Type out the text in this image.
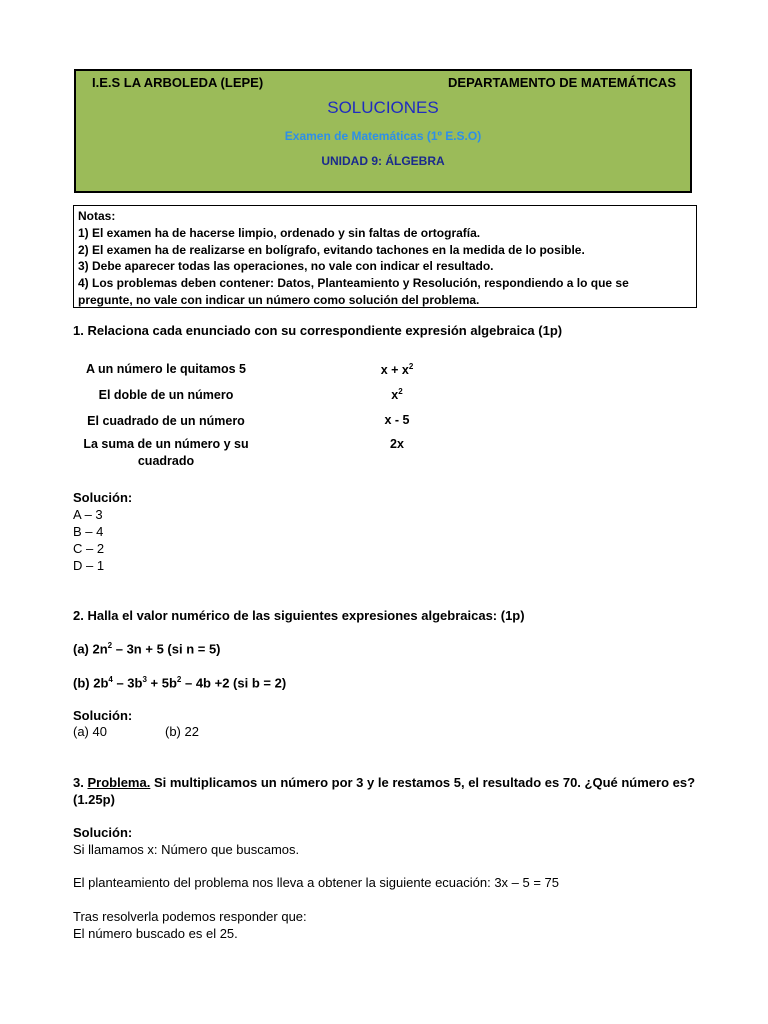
I.E.S LA ARBOLEDA (LEPE)	DEPARTAMENTO DE MATEMÁTICAS
SOLUCIONES
Examen de Matemáticas (1º E.S.O)
UNIDAD 9: ÁLGEBRA
Notas:
1) El examen ha de hacerse limpio, ordenado y sin faltas de ortografía.
2) El examen ha de realizarse en bolígrafo, evitando tachones en la medida de lo posible.
3) Debe aparecer todas las operaciones, no vale con indicar el resultado.
4) Los problemas deben contener: Datos, Planteamiento y Resolución, respondiendo a lo que se
pregunte, no vale con indicar un número como solución del problema.
1. Relaciona cada enunciado con su correspondiente expresión algebraica (1p)
A un número le quitamos 5
El doble de un número
El cuadrado de un número
La suma de un número y su cuadrado
$x + x^2$
$x^2$
x - 5
2x
Solución:
A – 3
B – 4
C – 2
D – 1
2. Halla el valor numérico de las siguientes expresiones algebraicas: (1p)
(a) $2n^2 - 3n + 5$ (si n = 5)
(b) $2b^4 - 3b^3 + 5b^2 - 4b +2$ (si b = 2)
Solución:
(a) 40	(b) 22
3. Problema. Si multiplicamos un número por 3 y le restamos 5, el resultado es 70. ¿Qué número es?
(1.25p)
Solución:
Si llamamos x: Número que buscamos.
El planteamiento del problema nos lleva a obtener la siguiente ecuación: 3x – 5 = 75
Tras resolverla podemos responder que:
El número buscado es el 25.
